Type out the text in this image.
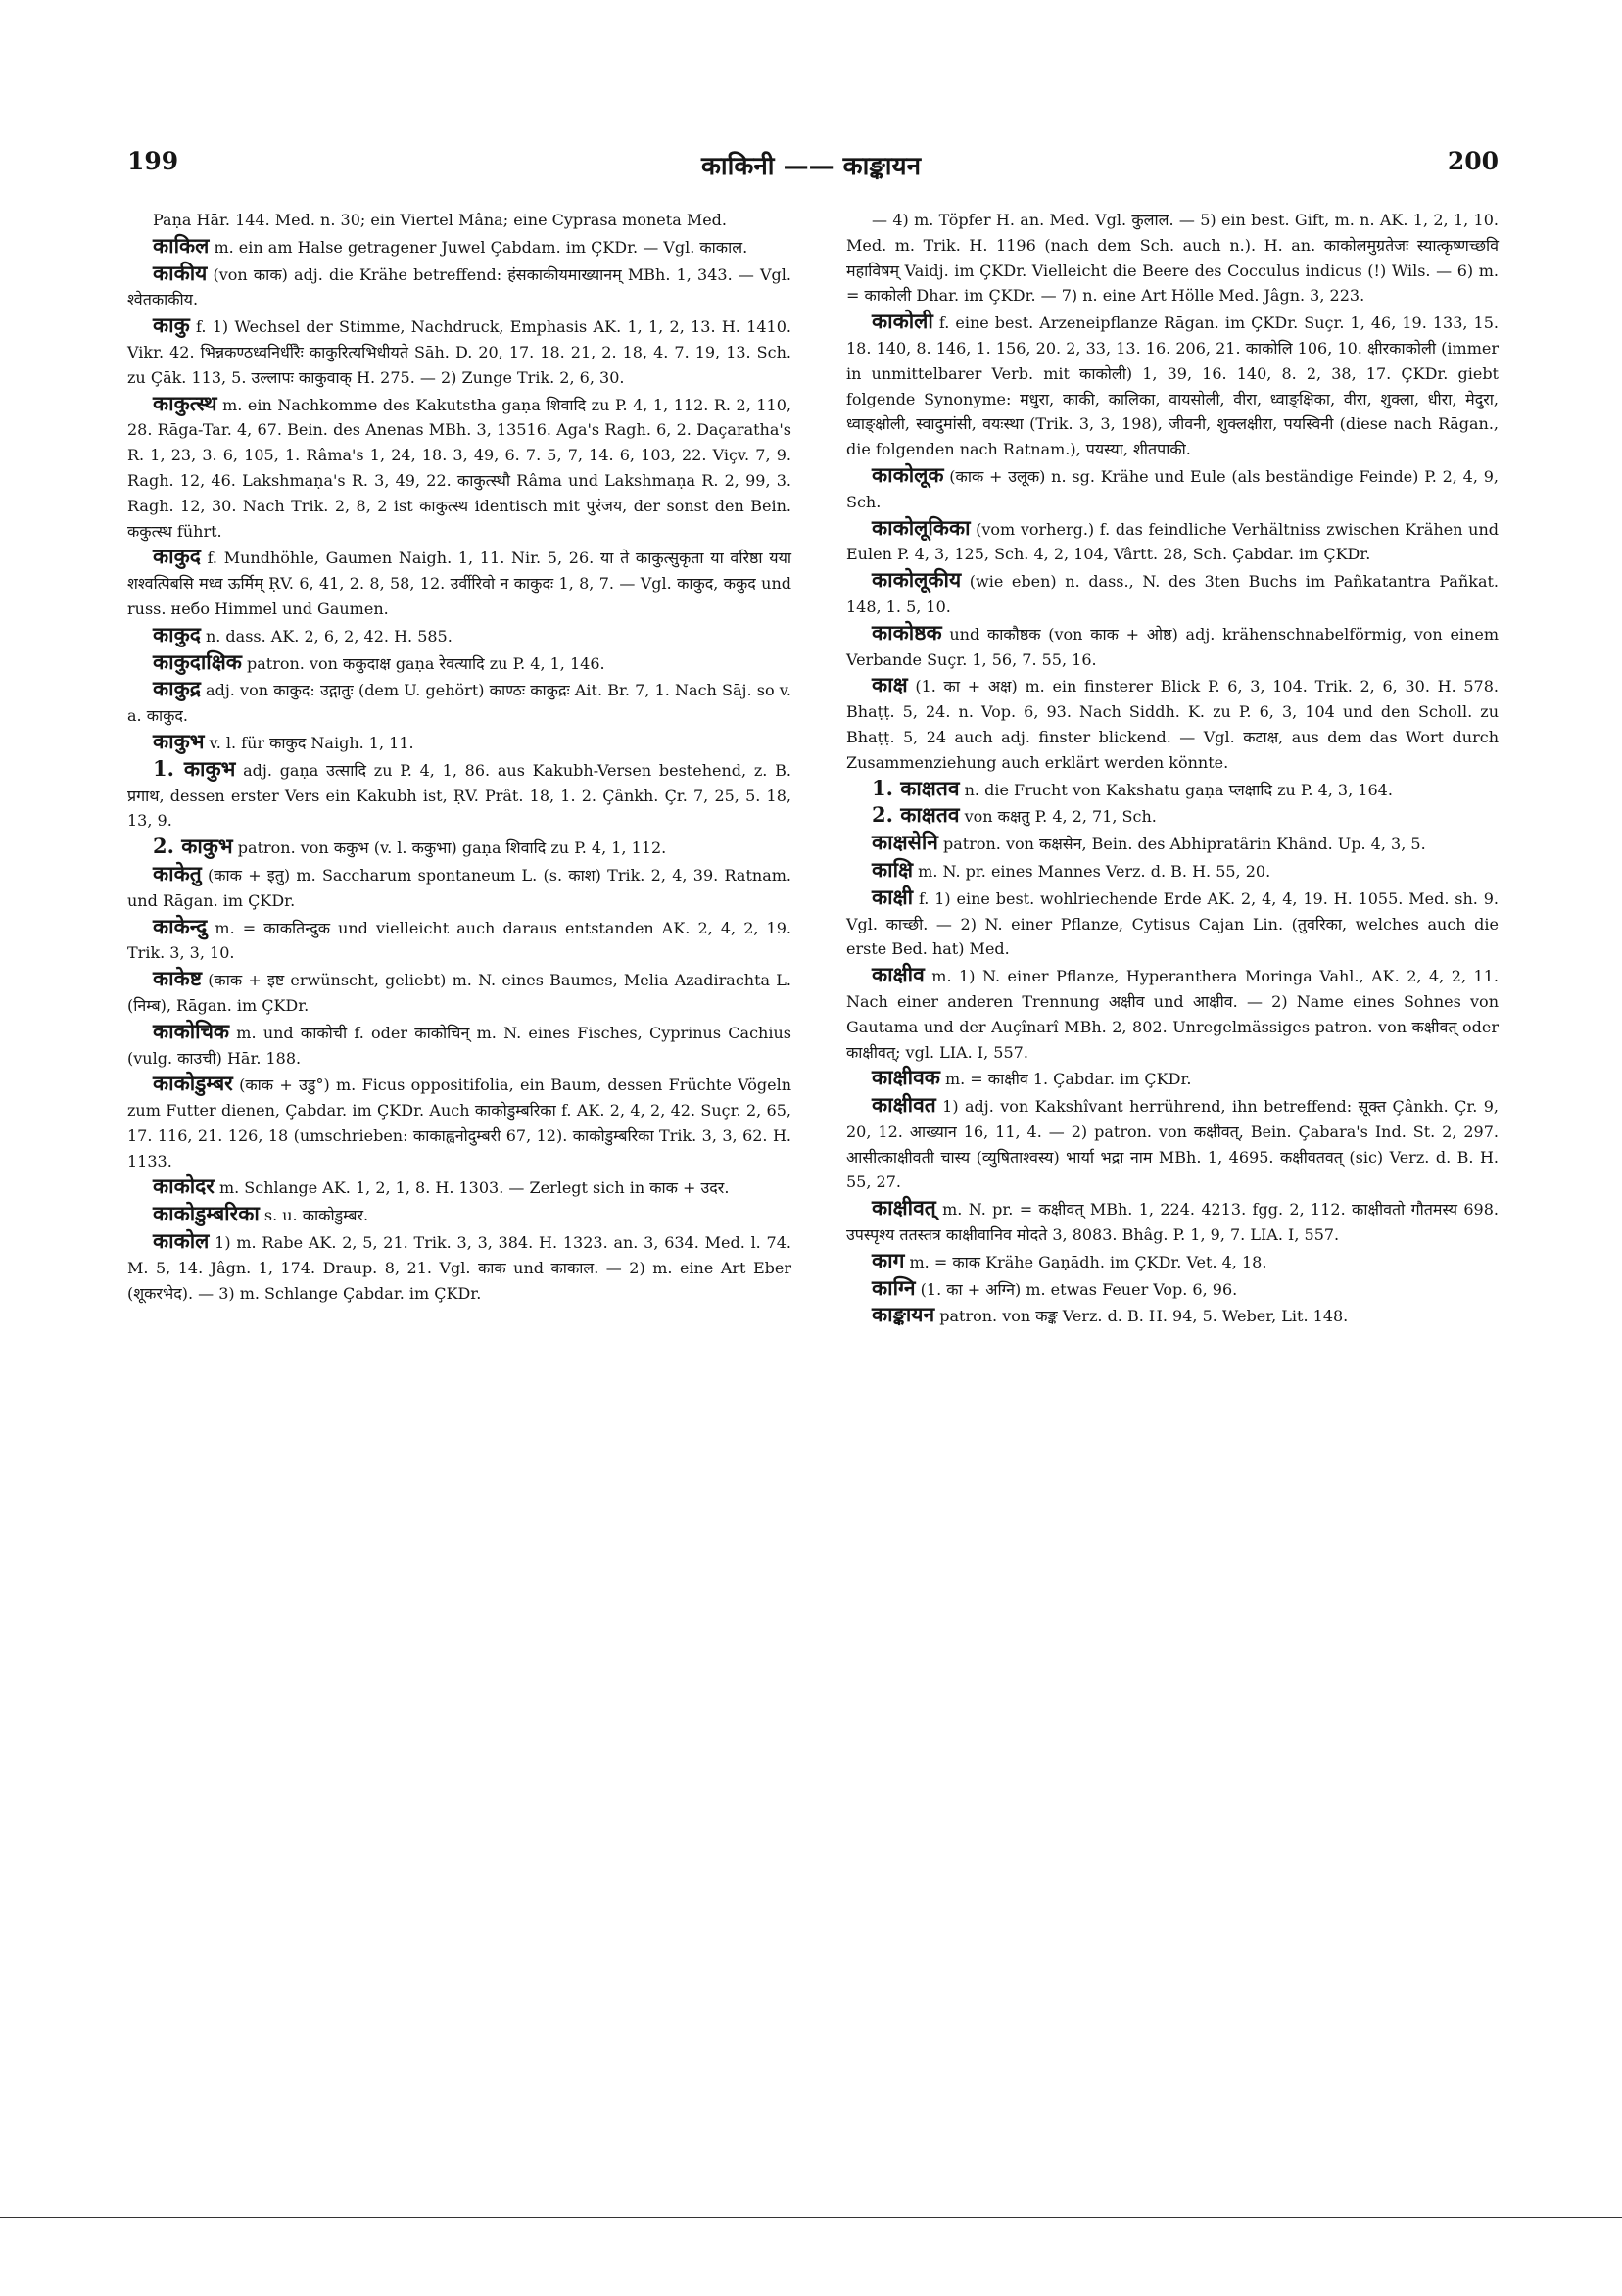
199	काकिनी —— काङ्कायन	200

Paṇa Hār. 144. Med. n. 30; ein Viertel Mâna; eine Cyprasa moneta Med.

काकिल m. ein am Halse getragener Juwel Çabdam. im ÇKDr. — Vgl. काकाल.

काकीय (von काक) adj. die Krähe betreffend: हंसकाकीयमाख्यानम् MBh. 1, 343. — Vgl. श्वेतकाकीय.

काकु f. 1) Wechsel der Stimme, Nachdruck, Emphasis AK. 1, 1, 2, 13. H. 1410. Vikr. 42. भिन्नकण्ठध्वनिर्धीरैः काकुरित्यभिधीयते Sāh. D. 20, 17. 18. 21, 2. 18, 4. 7. 19, 13. Sch. zu Çāk. 113, 5. उल्लापः काकुवाक् H. 275. — 2) Zunge Trik. 2, 6, 30.

काकुत्स्थ m. ein Nachkomme des Kakutstha gaṇa शिवादि zu P. 4, 1, 112. R. 2, 110, 28. Rāga-Tar. 4, 67. Bein. des Anenas MBh. 3, 13516. Aga's Ragh. 6, 2. Daçaratha's R. 1, 23, 3. 6, 105, 1. Râma's 1, 24, 18. 3, 49, 6. 7. 5, 7, 14. 6, 103, 22. Viçv. 7, 9. Ragh. 12, 46. Lakshmaṇa's R. 3, 49, 22. काकुत्स्थौ Râma und Lakshmaṇa R. 2, 99, 3. Ragh. 12, 30. Nach Trik. 2, 8, 2 ist काकुत्स्थ identisch mit पुरंजय, der sonst den Bein. ककुत्स्थ führt.

काकुद f. Mundhöhle, Gaumen Naigh. 1, 11. Nir. 5, 26. या ते काकुत्सुकृता या वरिष्ठा यया शश्वत्पिबसि मध्व ऊर्मिम् ṚV. 6, 41, 2. 8, 58, 12. उर्वीरिवो न काकुदः 1, 8, 7. — Vgl. काकुद, ककुद und russ. небо Himmel und Gaumen.

काकुद n. dass. AK. 2, 6, 2, 42. H. 585.

काकुदाक्षिक patron. von ककुदाक्ष gaṇa रेवत्यादि zu P. 4, 1, 146.

काकुद्र adj. von काकुद: उद्गातुः (dem U. gehört) काण्ठः काकुद्रः Ait. Br. 7, 1. Nach Sāj. so v. a. काकुद.

काकुभ v. l. für काकुद Naigh. 1, 11.

1. काकुभ adj. gaṇa उत्सादि zu P. 4, 1, 86. aus Kakubh-Versen bestehend, z. B. प्रगाथ, dessen erster Vers ein Kakubh ist, ṚV. Prât. 18, 1. 2. Çânkh. Çr. 7, 25, 5. 18, 13, 9.

2. काकुभ patron. von ककुभ (v. l. ककुभा) gaṇa शिवादि zu P. 4, 1, 112.

काकेतु (काक + इतु) m. Saccharum spontaneum L. (s. काश) Trik. 2, 4, 39. Ratnam. und Rāgan. im ÇKDr.

काकेन्दु m. = काकतिन्दुक und vielleicht auch daraus entstanden AK. 2, 4, 2, 19. Trik. 3, 3, 10.

काकेष्ट (काक + इष्ट erwünscht, geliebt) m. N. eines Baumes, Melia Azadirachta L. (निम्ब), Rāgan. im ÇKDr.

काकोचिक m. und काकोची f. oder काकोचिन् m. N. eines Fisches, Cyprinus Cachius (vulg. काउची) Hār. 188.

काकोडुम्बर (काक + उडु°) m. Ficus oppositifolia, ein Baum, dessen Früchte Vögeln zum Futter dienen, Çabdar. im ÇKDr. Auch काकोडुम्बरिका f. AK. 2, 4, 2, 42. Suçr. 2, 65, 17. 116, 21. 126, 18 (umschrieben: काकाह्वनोदुम्बरी 67, 12). काकोडुम्बरिका Trik. 3, 3, 62. H. 1133.

काकोदर m. Schlange AK. 1, 2, 1, 8. H. 1303. — Zerlegt sich in काक + उदर.

काकोडुम्बरिका s. u. काकोडुम्बर.

काकोल 1) m. Rabe AK. 2, 5, 21. Trik. 3, 3, 384. H. 1323. an. 3, 634. Med. l. 74. M. 5, 14. Jâgn. 1, 174. Draup. 8, 21. Vgl. काक und काकाल. — 2) m. eine Art Eber (शूकरभेद). — 3) m. Schlange Çabdar. im ÇKDr.

— 4) m. Töpfer H. an. Med. Vgl. कुलाल. — 5) ein best. Gift, m. n. AK. 1, 2, 1, 10. Med. m. Trik. H. 1196 (nach dem Sch. auch n.). H. an. काकोलमुग्रतेजः स्यात्कृष्णच्छवि महाविषम् Vaidj. im ÇKDr. Vielleicht die Beere des Cocculus indicus (!) Wils. — 6) m. = काकोली Dhar. im ÇKDr. — 7) n. eine Art Hölle Med. Jâgn. 3, 223.

काकोली f. eine best. Arzeneipflanze Rāgan. im ÇKDr. Suçr. 1, 46, 19. 133, 15. 18. 140, 8. 146, 1. 156, 20. 2, 33, 13. 16. 206, 21. काकोलि 106, 10. क्षीरकाकोली (immer in unmittelbarer Verb. mit काकोली) 1, 39, 16. 140, 8. 2, 38, 17. ÇKDr. giebt folgende Synonyme: मधुरा, काकी, कालिका, वायसोली, वीरा, ध्वाङ्क्षिका, वीरा, शुक्ला, धीरा, मेदुरा, ध्वाङ्क्षोली, स्वादुमांसी, वयःस्था (Trik. 3, 3, 198), जीवनी, शुक्लक्षीरा, पयस्विनी (diese nach Rāgan., die folgenden nach Ratnam.), पयस्या, शीतपाकी.

काकोलूक (काक + उलूक) n. sg. Krähe und Eule (als beständige Feinde) P. 2, 4, 9, Sch.

काकोलूकिका (vom vorherg.) f. das feindliche Verhältniss zwischen Krähen und Eulen P. 4, 3, 125, Sch. 4, 2, 104, Vârtt. 28, Sch. Çabdar. im ÇKDr.

काकोलूकीय (wie eben) n. dass., N. des 3ten Buchs im Pañkatantra Pañkat. 148, 1. 5, 10.

काकोष्ठक und काकौष्ठक (von काक + ओष्ठ) adj. krähenschnabelförmig, von einem Verbande Suçr. 1, 56, 7. 55, 16.

काक्ष (1. का + अक्ष) m. ein finsterer Blick P. 6, 3, 104. Trik. 2, 6, 30. H. 578. Bhaṭṭ. 5, 24. n. Vop. 6, 93. Nach Siddh. K. zu P. 6, 3, 104 und den Scholl. zu Bhaṭṭ. 5, 24 auch adj. finster blickend. — Vgl. कटाक्ष, aus dem das Wort durch Zusammenziehung auch erklärt werden könnte.

1. काक्षतव n. die Frucht von Kakshatu gaṇa प्लक्षादि zu P. 4, 3, 164.

2. काक्षतव von कक्षतु P. 4, 2, 71, Sch.

काक्षसेनि patron. von कक्षसेन, Bein. des Abhipratârin Khând. Up. 4, 3, 5.

काक्षि m. N. pr. eines Mannes Verz. d. B. H. 55, 20.

काक्षी f. 1) eine best. wohlriechende Erde AK. 2, 4, 4, 19. H. 1055. Med. sh. 9. Vgl. काच्छी. — 2) N. einer Pflanze, Cytisus Cajan Lin. (तुवरिका, welches auch die erste Bed. hat) Med.

काक्षीव m. 1) N. einer Pflanze, Hyperanthera Moringa Vahl., AK. 2, 4, 2, 11. Nach einer anderen Trennung अक्षीव und आक्षीव. — 2) Name eines Sohnes von Gautama und der Auçînarî MBh. 2, 802. Unregelmässiges patron. von कक्षीवत् oder काक्षीवत्; vgl. LIA. I, 557.

काक्षीवक m. = काक्षीव 1. Çabdar. im ÇKDr.

काक्षीवत 1) adj. von Kakshîvant herrührend, ihn betreffend: सूक्त Çânkh. Çr. 9, 20, 12. आख्यान 16, 11, 4. — 2) patron. von कक्षीवत्, Bein. Çabara's Ind. St. 2, 297. आसीत्काक्षीवती चास्य (व्युषिताश्वस्य) भार्या भद्रा नाम MBh. 1, 4695. कक्षीवतवत् (sic) Verz. d. B. H. 55, 27.

काक्षीवत् m. N. pr. = कक्षीवत् MBh. 1, 224. 4213. fgg. 2, 112. काक्षीवतो गौतमस्य 698. उपस्पृश्य ततस्तत्र काक्षीवानिव मोदते 3, 8083. Bhâg. P. 1, 9, 7. LIA. I, 557.

काग m. = काक Krähe Gaṇādh. im ÇKDr. Vet. 4, 18.

काग्नि (1. का + अग्नि) m. etwas Feuer Vop. 6, 96.

काङ्कायन patron. von कङ्क Verz. d. B. H. 94, 5. Weber, Lit. 148.
